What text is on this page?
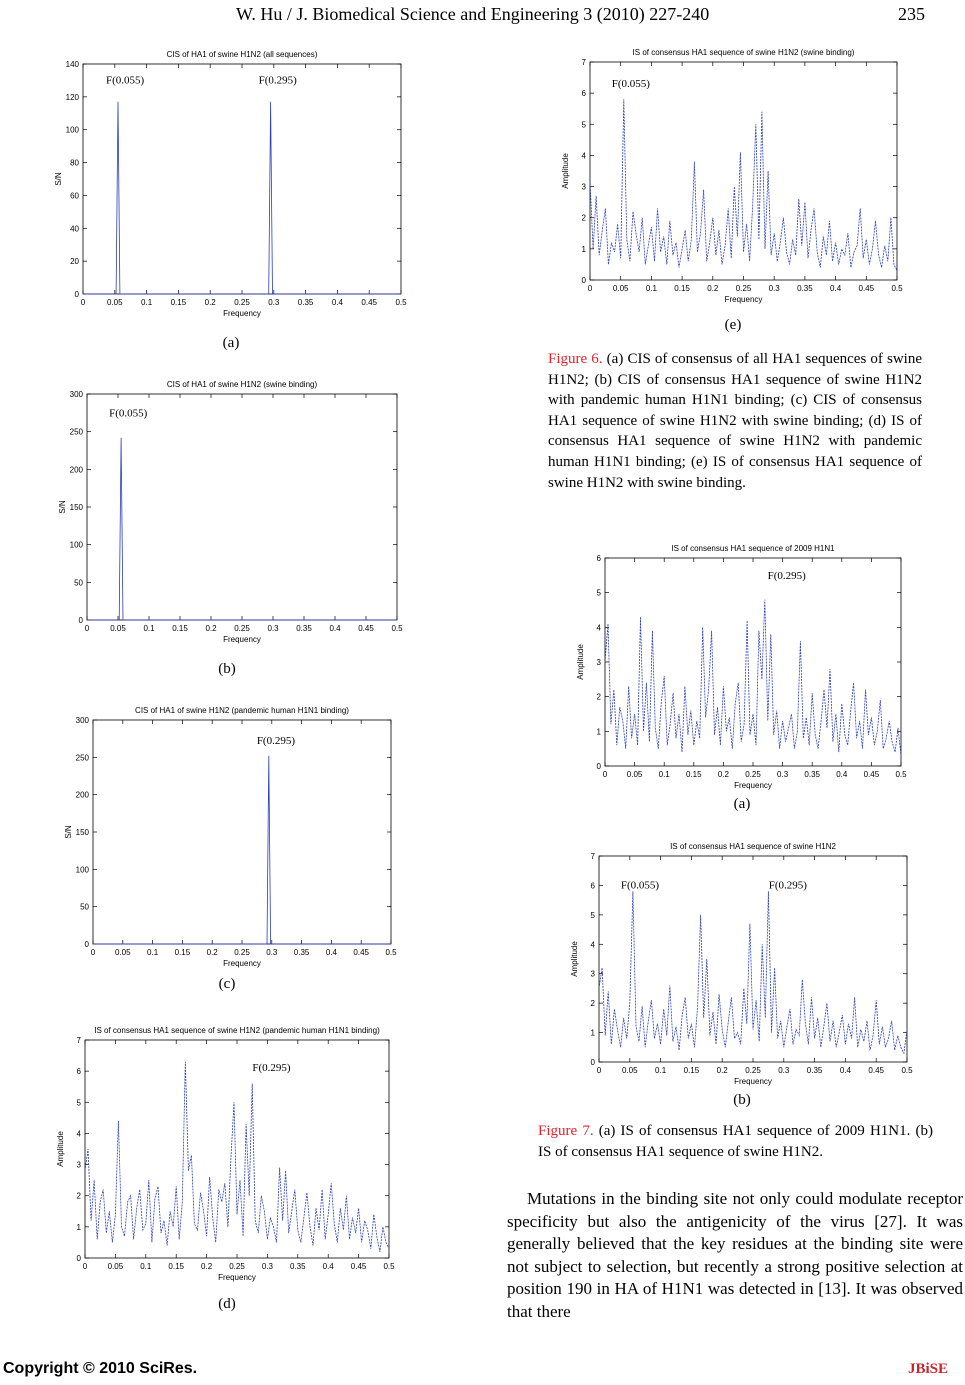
W. Hu / J. Biomedical Science and Engineering 3 (2010) 227-240	235
CIS of HA1 of swine H1N2 (all sequences)
0
20
40
60
80
100
120
140
0	0.05 0.1 0.15 0.2 0.25 0.3 0.35 0.4 0.45 0.5
Frequency
S/N
F(0.055)	F(0.295)
(a)
CIS of HA1 of swine H1N2 (swine binding)
0
50
100
150
200
250
300
0	0.05 0.1 0.15 0.2 0.25 0.3 0.35 0.4 0.45 0.5
Frequency
S/N
F(0.055)
(b)
CIS of HA1 of swine H1N2 (pandemic human H1N1 binding)
0
50
100
150
200
250
300
0 0.05 0.1 0.15 0.2 0.25 0.3 0.35 0.4 0.45 0.5
Frequency
S/N
F(0.295)
(c)
IS of consensus HA1 sequence of swine H1N2 (pandemic human H1N1 binding)
0
1
2
3
4
5
6
7
0	0.05 0.1 0.15 0.2 0.25 0.3 0.35 0.4 0.45 0.5
Frequency
Amplitude
F(0.295)
(d)
IS of consensus HA1 sequence of swine H1N2 (swine binding)
0
1
2
3
4
5
6
7
0	0.05 0.1 0.15 0.2 0.25 0.3 0.35 0.4 0.45 0.5
Frequency
Amplitude
F(0.055)
(e)
Figure 6. (a) CIS of consensus of all HA1 sequences of swine H1N2; (b) CIS of consensus HA1 sequence of swine H1N2 with pandemic human H1N1 binding; (c) CIS of consensus HA1 sequence of swine H1N2 with swine binding; (d) IS of consensus HA1 sequence of swine H1N2 with pandemic human H1N1 binding; (e) IS of consensus HA1 sequence of swine H1N2 with swine binding.
IS of consensus HA1 sequence of 2009 H1N1
0
1
2
3
4
5
6
0 0.05 0.1 0.15 0.2 0.25 0.3 0.35 0.4 0.45 0.5
Frequency
Amplitude
F(0.295)
(a)
IS of consensus HA1 sequence of swine H1N2
0
1
2
3
4
5
6
7
0	0.05 0.1 0.15 0.2 0.25 0.3 0.35 0.4 0.45 0.5
Frequency
Amplitude
F(0.055)	F(0.295)
(b)
Figure 7. (a) IS of consensus HA1 sequence of 2009 H1N1. (b) IS of consensus HA1 sequence of swine H1N2.

Mutations in the binding site not only could modulate receptor specificity but also the antigenicity of the virus [27]. It was generally believed that the key residues at the binding site were not subject to selection, but recently a strong positive selection at position 190 in HA of H1N1 was detected in [13]. It was observed that there

Copyright © 2010 SciRes.	JBiSE
